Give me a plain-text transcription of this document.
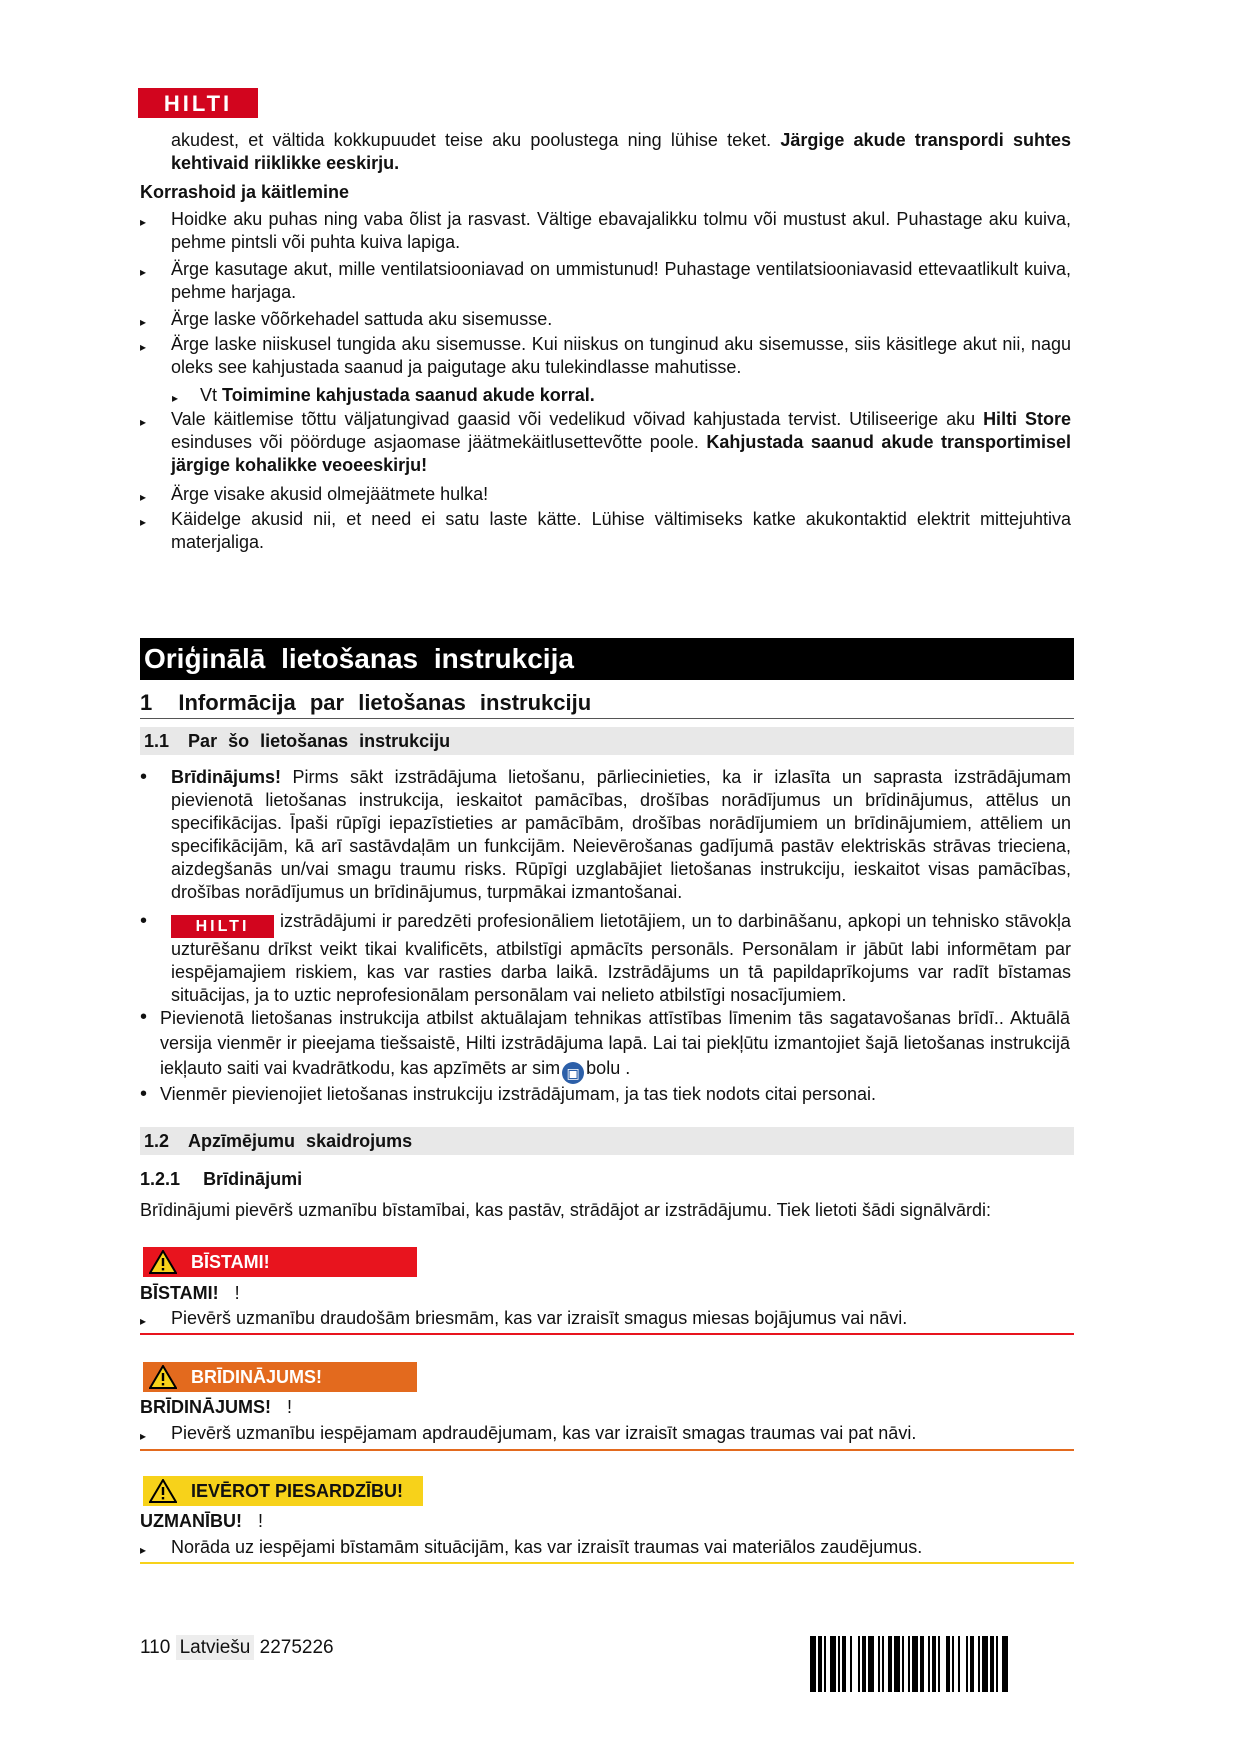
HILTI

akudest, et vältida kokkupuudet teise aku poolustega ning lühise teket. Järgige akude transpordi suhtes kehtivaid riiklikke eeskirju.

Korrashoid ja käitlemine
▸ Hoidke aku puhas ning vaba õlist ja rasvast. Vältige ebavajalikku tolmu või mustust akul. Puhastage aku kuiva, pehme pintsli või puhta kuiva lapiga.

▸ Ärge kasutage akut, mille ventilatsiooniavad on ummistunud! Puhastage ventilatsiooniavasid ettevaatlikult kuiva, pehme harjaga.

▸ Ärge laske võõrkehadel sattuda aku sisemusse.

▸ Ärge laske niiskusel tungida aku sisemusse. Kui niiskus on tunginud aku sisemusse, siis käsitlege akut nii, nagu oleks see kahjustada saanud ja paigutage aku tulekindlasse mahutisse.

▸ Vt Toimimine kahjustada saanud akude korral.
▸ Vale käitlemise tõttu väljatungivad gaasid või vedelikud võivad kahjustada tervist. Utiliseerige aku Hilti Store esinduses või pöörduge asjaomase jäätmekäitlusettevõtte poole. Kahjustada saanud akude transportimisel järgige kohalikke veoeeskirju!

▸ Ärge visake akusid olmejäätmete hulka!

▸ Käidelge akusid nii, et need ei satu laste kätte. Lühise vältimiseks katke akukontaktid elektrit mittejuhtiva materjaliga.

Oriģinālā lietošanas instrukcija
1 Informācija par lietošanas instrukciju
1.1 Par šo lietošanas instrukciju
• Brīdinājums! Pirms sākt izstrādājuma lietošanu, pārliecinieties, ka ir izlasīta un saprasta izstrādājumam pievienotā lietošanas instrukcija, ieskaitot pamācības, drošības norādījumus un brīdinājumus, attēlus un specifikācijas. Īpaši rūpīgi iepazīstieties ar pamācībām, drošības norādījumiem un brīdinājumiem, attēliem un specifikācijām, kā arī sastāvdaļām un funkcijām. Neievērošanas gadījumā pastāv elektriskās strāvas trieciena, aizdegšanās un/vai smagu traumu risks. Rūpīgi uzglabājiet lietošanas instrukciju, ieskaitot visas pamācības, drošības norādījumus un brīdinājumus, turpmākai izmantošanai.

•	HILTI izstrādājumi ir paredzēti profesionāliem lietotājiem, un to darbināšanu, apkopi un tehnisko stāvokļa uzturēšanu drīkst veikt tikai kvalificēts, atbilstīgi apmācīts personāls. Personālam ir jābūt labi informētam par iespējamajiem riskiem, kas var rasties darba laikā. Izstrādājums un tā papildaprīkojums var radīt bīstamas situācijas, ja to uztic neprofesionālam personālam vai nelieto atbilstīgi nosacījumiem.

• Pievienotā lietošanas instrukcija atbilst aktuālajam tehnikas attīstības līmenim tās sagatavošanas brīdī.. Aktuālā versija vienmēr ir pieejama tiešsaistē, Hilti izstrādājuma lapā. Lai tai piekļūtu izmantojiet šajā lietošanas instrukcijā iekļauto saiti vai kvadrātkodu, kas apzīmēts ar sim ▣ bolu .

• Vienmēr pievienojiet lietošanas instrukciju izstrādājumam, ja tas tiek nodots citai personai.

1.2 Apzīmējumu skaidrojums
1.2.1 Brīdinājumi

Brīdinājumi pievērš uzmanību bīstamībai, kas pastāv, strādājot ar izstrādājumu. Tiek lietoti šādi signālvārdi:

BĪSTAMI!
BĪSTAMI! !
▸ Pievērš uzmanību draudošām briesmām, kas var izraisīt smagus miesas bojājumus vai nāvi.

BRĪDINĀJUMS!
BRĪDINĀJUMS! !
▸ Pievērš uzmanību iespējamam apdraudējumam, kas var izraisīt smagas traumas vai pat nāvi.

IEVĒROT PIESARDZĪBU!
UZMANĪBU! !
▸ Norāda uz iespējami bīstamām situācijām, kas var izraisīt traumas vai materiālos zaudējumus.

110 Latviešu 2275226
